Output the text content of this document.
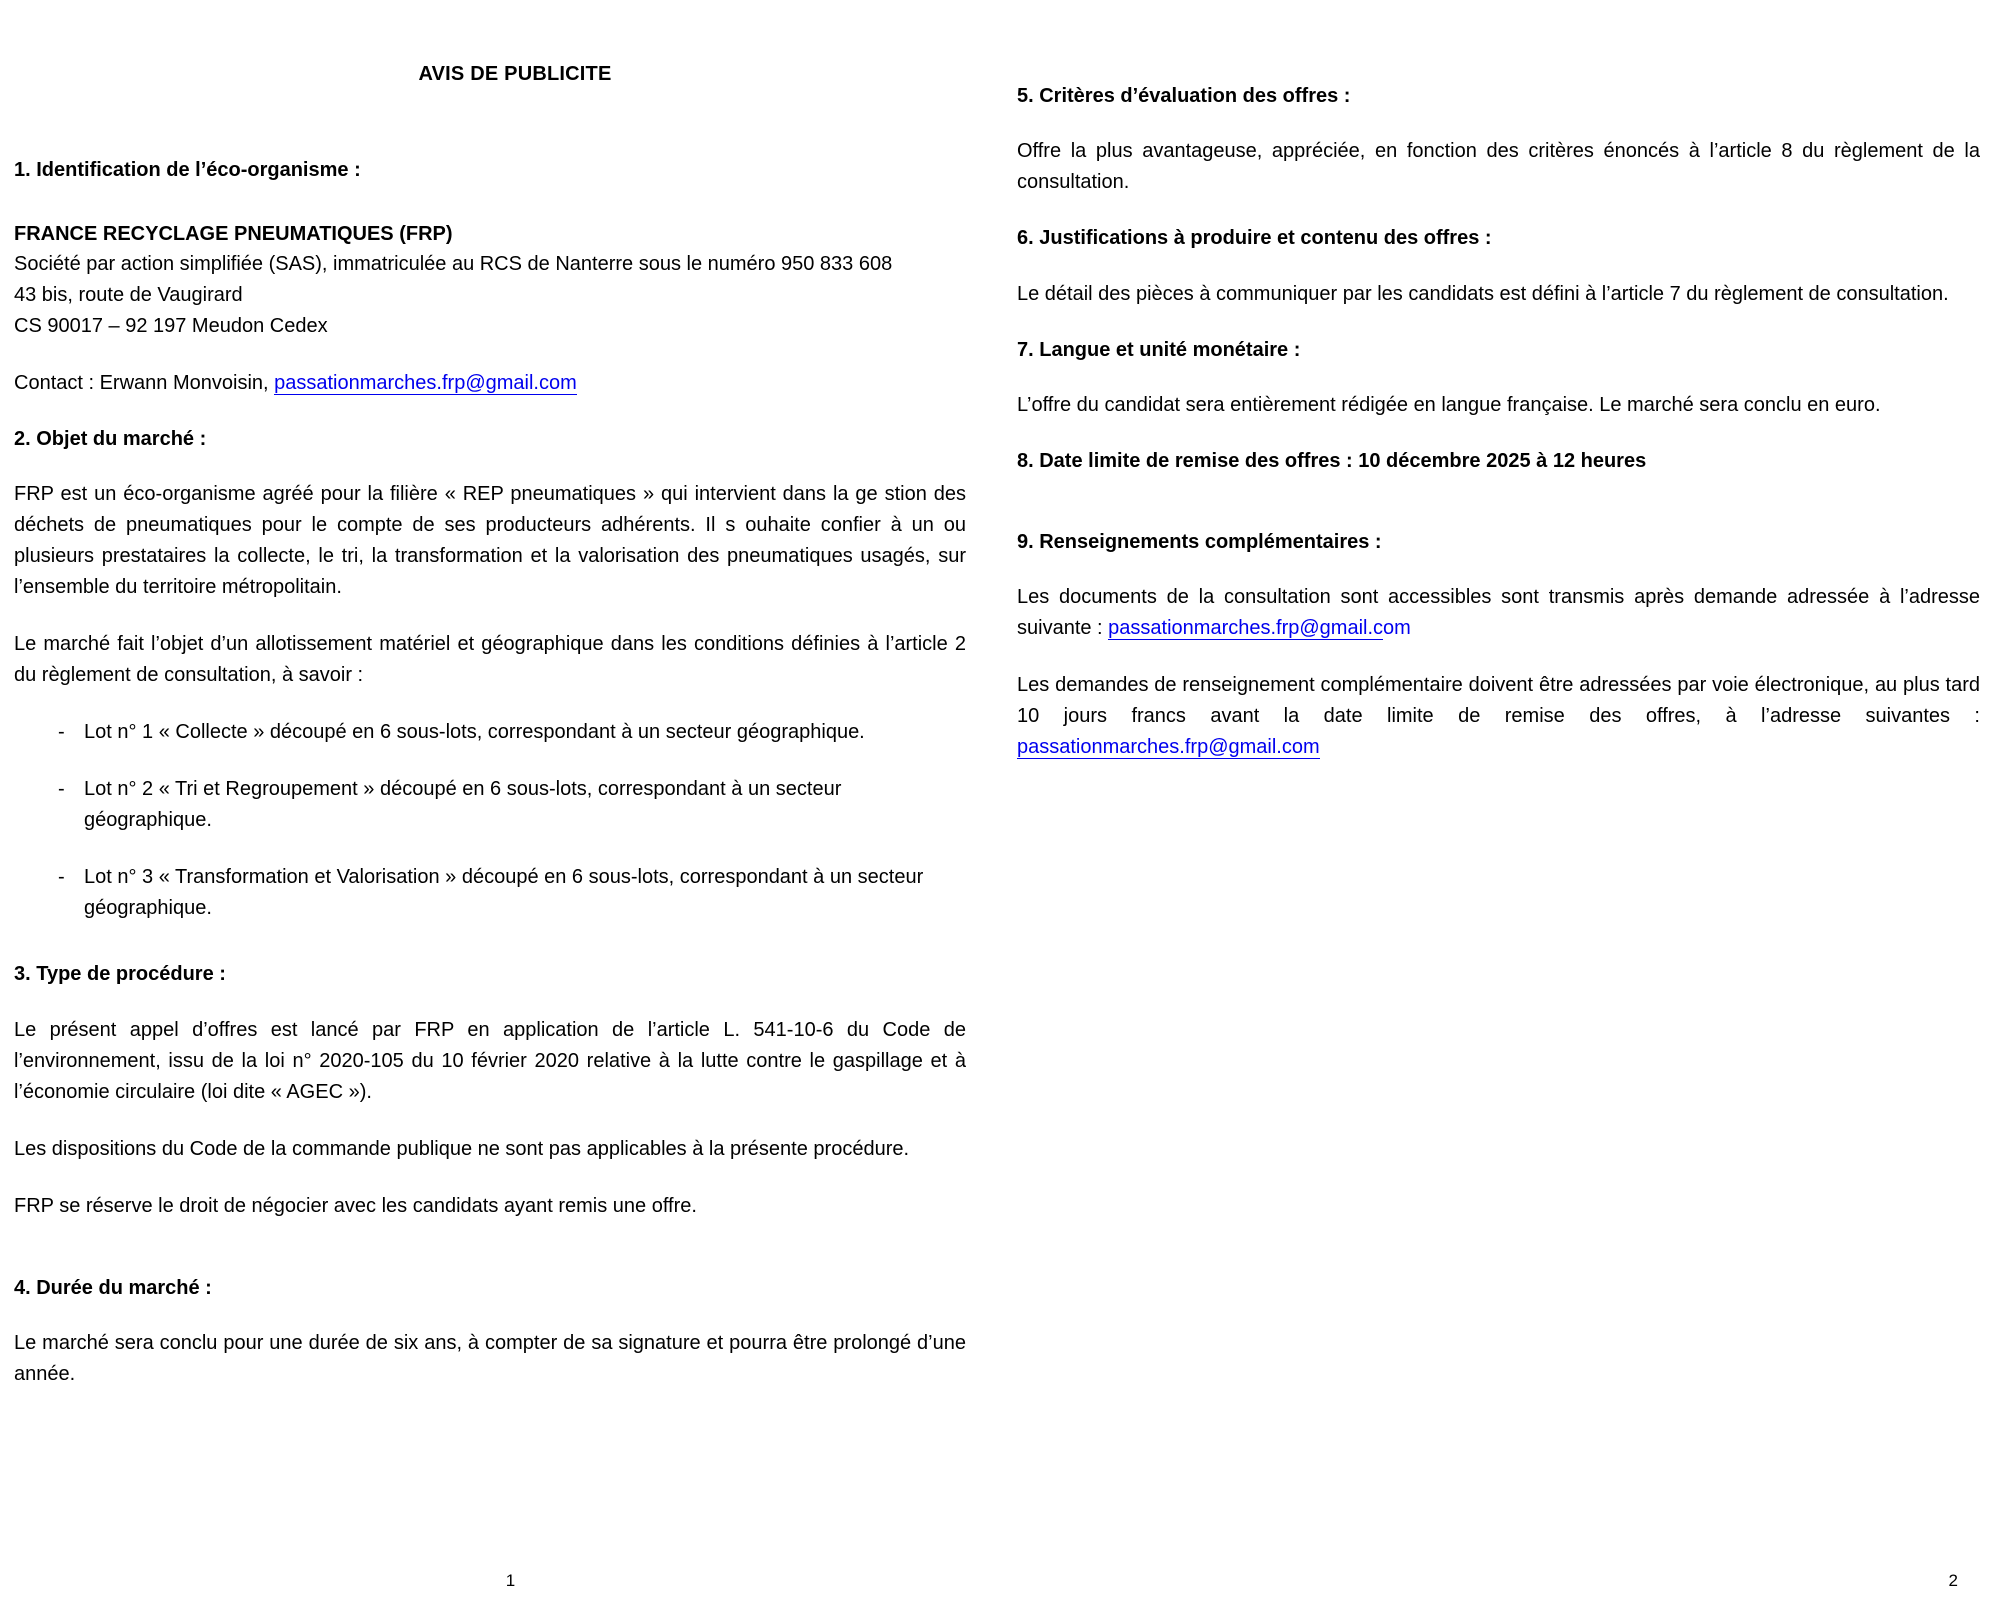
AVIS DE PUBLICITE
1. Identification de l’éco-organisme :
FRANCE RECYCLAGE PNEUMATIQUES (FRP)
Société par action simplifiée (SAS), immatriculée au RCS de Nanterre sous le numéro 950 833 608
43 bis, route de Vaugirard
CS 90017 – 92 197 Meudon Cedex
Contact : Erwann Monvoisin, passationmarches.frp@gmail.com
2. Objet du marché :
FRP est un éco-organisme agréé pour la filière « REP pneumatiques » qui intervient dans la ge stion des déchets de pneumatiques pour le compte de ses producteurs adhérents. Il s ouhaite confier à un ou plusieurs prestataires la collecte, le tri, la transformation et la valorisation des pneumatiques usagés, sur l’ensemble du territoire métropolitain.
Le marché fait l’objet d’un allotissement matériel et géographique dans les conditions définies à l’article 2 du règlement de consultation, à savoir :
- Lot n° 1 « Collecte » découpé en 6 sous-lots, correspondant à un secteur géographique.
- Lot n° 2 « Tri et Regroupement » découpé en 6 sous-lots, correspondant à un secteur géographique.
- Lot n° 3 « Transformation et Valorisation » découpé en 6 sous-lots, correspondant à un secteur géographique.
3. Type de procédure :
Le présent appel d’offres est lancé par FRP en application de l’article L. 541-10-6 du Code de l’environnement, issu de la loi n° 2020-105 du 10 février 2020 relative à la lutte contre le gaspillage et à l’économie circulaire (loi dite « AGEC »).
Les dispositions du Code de la commande publique ne sont pas applicables à la présente procédure.
FRP se réserve le droit de négocier avec les candidats ayant remis une offre.
4. Durée du marché :
Le marché sera conclu pour une durée de six ans, à compter de sa signature et pourra être prolongé d’une année.
1
5. Critères d’évaluation des offres :
Offre la plus avantageuse, appréciée, en fonction des critères énoncés à l’article 8 du règlement de la consultation.
6. Justifications à produire et contenu des offres :
Le détail des pièces à communiquer par les candidats est défini à l’article 7 du règlement de consultation.
7. Langue et unité monétaire :
L’offre du candidat sera entièrement rédigée en langue française. Le marché sera conclu en euro.
8. Date limite de remise des offres : 10 décembre 2025 à 12 heures
9. Renseignements complémentaires :
Les documents de la consultation sont accessibles sont transmis après demande adressée à l’adresse suivante : passationmarches.frp@gmail.com
Les demandes de renseignement complémentaire doivent être adressées par voie électronique, au plus tard 10 jours francs avant la date limite de remise des offres, à l’adresse suivantes : passationmarches.frp@gmail.com
2
